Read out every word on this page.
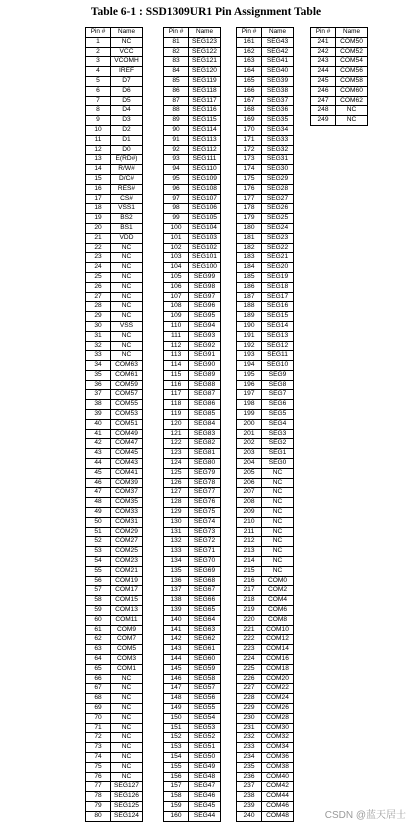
Table 6-1 : SSD1309UR1 Pin Assignment Table
Pin #	Name
1	NC
2	VCC
3	VCOMH
4	IREF
5	D7
6	D6
7	D5
8	D4
9	D3
10	D2
11	D1
12	D0
13	E(RD#)
14	R/W#
15	D/C#
16	RES#
17	CS#
18	VSS1
19	BS2
20	BS1
21	VDD
22	NC
23	NC
24	NC
25	NC
26	NC
27	NC
28	NC
29	NC
30	VSS
31	NC
32	NC
33	NC
34	COM63
35	COM61
36	COM59
37	COM57
38	COM55
39	COM53
40	COM51
41	COM49
42	COM47
43	COM45
44	COM43
45	COM41
46	COM39
47	COM37
48	COM35
49	COM33
50	COM31
51	COM29
52	COM27
53	COM25
54	COM23
55	COM21
56	COM19
57	COM17
58	COM15
59	COM13
60	COM11
61	COM9
62	COM7
63	COM5
64	COM3
65	COM1
66	NC
67	NC
68	NC
69	NC
70	NC
71	NC
72	NC
73	NC
74	NC
75	NC
76	NC
77	SEG127
78	SEG126
79	SEG125
80	SEG124
Pin #	Name
81	SEG123
82	SEG122
83	SEG121
84	SEG120
85	SEG119
86	SEG118
87	SEG117
88	SEG116
89	SEG115
90	SEG114
91	SEG113
92	SEG112
93	SEG111
94	SEG110
95	SEG109
96	SEG108
97	SEG107
98	SEG106
99	SEG105
100	SEG104
101	SEG103
102	SEG102
103	SEG101
104	SEG100
105	SEG99
106	SEG98
107	SEG97
108	SEG96
109	SEG95
110	SEG94
111	SEG93
112	SEG92
113	SEG91
114	SEG90
115	SEG89
116	SEG88
117	SEG87
118	SEG86
119	SEG85
120	SEG84
121	SEG83
122	SEG82
123	SEG81
124	SEG80
125	SEG79
126	SEG78
127	SEG77
128	SEG76
129	SEG75
130	SEG74
131	SEG73
132	SEG72
133	SEG71
134	SEG70
135	SEG69
136	SEG68
137	SEG67
138	SEG66
139	SEG65
140	SEG64
141	SEG63
142	SEG62
143	SEG61
144	SEG60
145	SEG59
146	SEG58
147	SEG57
148	SEG56
149	SEG55
150	SEG54
151	SEG53
152	SEG52
153	SEG51
154	SEG50
155	SEG49
156	SEG48
157	SEG47
158	SEG46
159	SEG45
160	SEG44
Pin #	Name
161	SEG43
162	SEG42
163	SEG41
164	SEG40
165	SEG39
166	SEG38
167	SEG37
168	SEG36
169	SEG35
170	SEG34
171	SEG33
172	SEG32
173	SEG31
174	SEG30
175	SEG29
176	SEG28
177	SEG27
178	SEG26
179	SEG25
180	SEG24
181	SEG23
182	SEG22
183	SEG21
184	SEG20
185	SEG19
186	SEG18
187	SEG17
188	SEG16
189	SEG15
190	SEG14
191	SEG13
192	SEG12
193	SEG11
194	SEG10
195	SEG9
196	SEG8
197	SEG7
198	SEG6
199	SEG5
200	SEG4
201	SEG3
202	SEG2
203	SEG1
204	SEG0
205	NC
206	NC
207	NC
208	NC
209	NC
210	NC
211	NC
212	NC
213	NC
214	NC
215	NC
216	COM0
217	COM2
218	COM4
219	COM6
220	COM8
221	COM10
222	COM12
223	COM14
224	COM16
225	COM18
226	COM20
227	COM22
228	COM24
229	COM26
230	COM28
231	COM30
232	COM32
233	COM34
234	COM36
235	COM38
236	COM40
237	COM42
238	COM44
239	COM46
240	COM48
Pin #	Name
241	COM50
242	COM52
243	COM54
244	COM56
245	COM58
246	COM60
247	COM62
248	NC
249	NC
CSDN @蓝天居士
